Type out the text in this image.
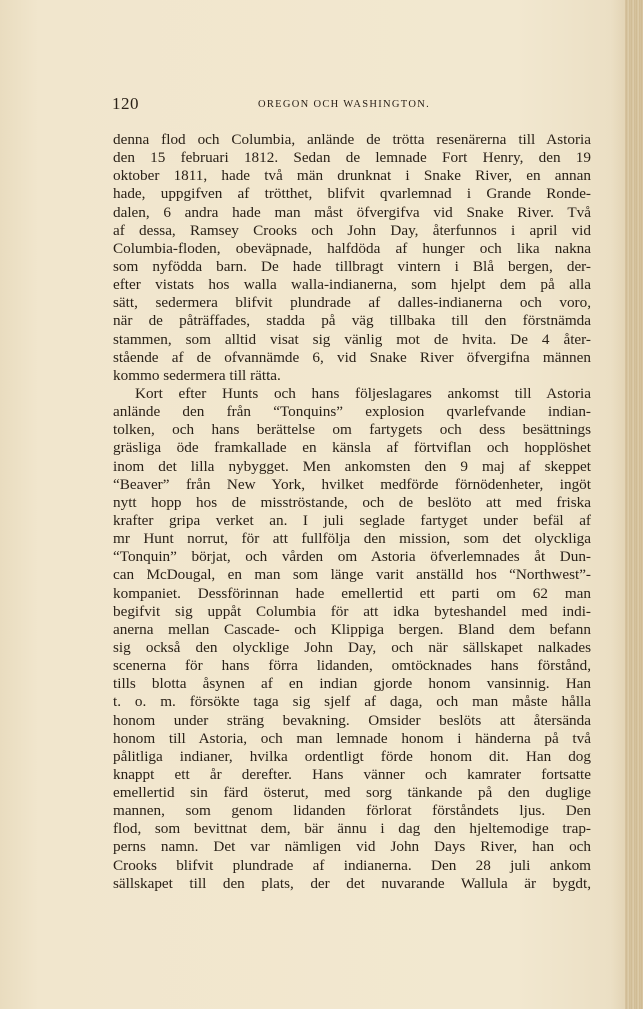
120	OREGON OCH WASHINGTON.
denna flod och Columbia, anlände de trötta resenärerna till Astoria
den 15 februari 1812. Sedan de lemnade Fort Henry, den 19
oktober 1811, hade två män drunknat i Snake River, en annan
hade, uppgifven af trötthet, blifvit qvarlemnad i Grande Ronde-
dalen, 6 andra hade man måst öfvergifva vid Snake River. Två
af dessa, Ramsey Crooks och John Day, återfunnos i april vid
Columbia-floden, obeväpnade, halfdöda af hunger och lika nakna
som nyfödda barn. De hade tillbragt vintern i Blå bergen, der-
efter vistats hos walla walla-indianerna, som hjelpt dem på alla
sätt, sedermera blifvit plundrade af dalles-indianerna och voro,
när de påträffades, stadda på väg tillbaka till den förstnämda
stammen, som alltid visat sig vänlig mot de hvita. De 4 åter-
stående af de ofvannämde 6, vid Snake River öfvergifna männen
kommo sedermera till rätta.
Kort efter Hunts och hans följeslagares ankomst till Astoria
anlände den från “Tonquins” explosion qvarlefvande indian-
tolken, och hans berättelse om fartygets och dess besättnings
gräsliga öde framkallade en känsla af förtviflan och hopplöshet
inom det lilla nybygget. Men ankomsten den 9 maj af skeppet
“Beaver” från New York, hvilket medförde förnödenheter, ingöt
nytt hopp hos de misströstande, och de beslöto att med friska
krafter gripa verket an. I juli seglade fartyget under befäl af
mr Hunt norrut, för att fullfölja den mission, som det olyckliga
“Tonquin” börjat, och vården om Astoria öfverlemnades åt Dun-
can McDougal, en man som länge varit anställd hos “Northwest”-
kompaniet. Dessförinnan hade emellertid ett parti om 62 man
begifvit sig uppåt Columbia för att idka byteshandel med indi-
anerna mellan Cascade- och Klippiga bergen. Bland dem befann
sig också den olycklige John Day, och när sällskapet nalkades
scenerna för hans förra lidanden, omtöcknades hans förstånd,
tills blotta åsynen af en indian gjorde honom vansinnig. Han
t. o. m. försökte taga sig sjelf af daga, och man måste hålla
honom under sträng bevakning. Omsider beslöts att återsända
honom till Astoria, och man lemnade honom i händerna på två
pålitliga indianer, hvilka ordentligt förde honom dit. Han dog
knappt ett år derefter. Hans vänner och kamrater fortsatte
emellertid sin färd österut, med sorg tänkande på den duglige
mannen, som genom lidanden förlorat förståndets ljus. Den
flod, som bevittnat dem, bär ännu i dag den hjeltemodige trap-
perns namn. Det var nämligen vid John Days River, han och
Crooks blifvit plundrade af indianerna. Den 28 juli ankom
sällskapet till den plats, der det nuvarande Wallula är bygdt,
